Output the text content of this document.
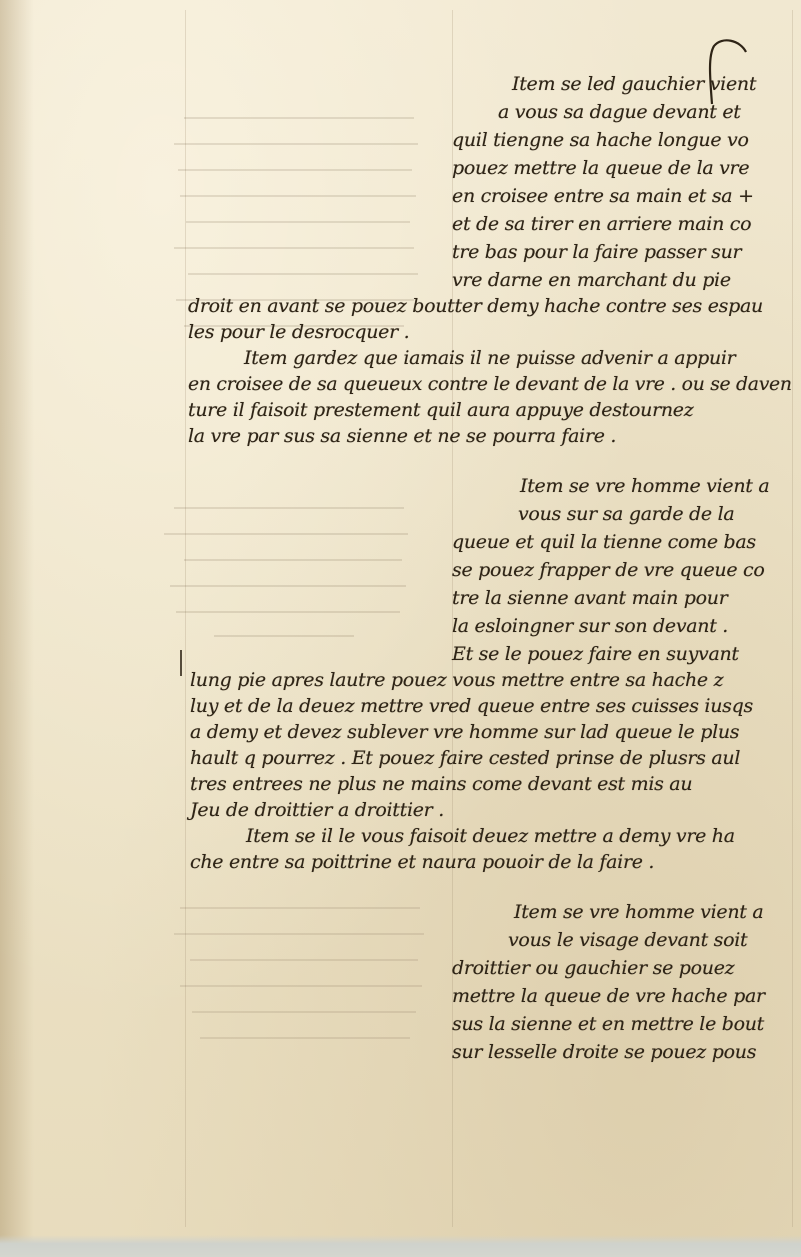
Item se led gauchier vient
a vous sa dague devant et
quil tiengne sa hache longue vo
pouez mettre la queue de la vre
en croisee entre sa main et sa +
et de sa tirer en arriere main co
tre bas pour la faire passer sur
vre darne en marchant du pie
droit en avant se pouez boutter demy hache contre ses espau
les pour le desrocquer .
Item gardez que iamais il ne puisse advenir a appuir
en croisee de sa queueux contre le devant de la vre . ou se daven
ture il faisoit prestement quil aura appuye destournez
la vre par sus sa sienne et ne se pourra faire .
Item se vre homme vient a
vous sur sa garde de la
queue et quil la tienne come bas
se pouez frapper de vre queue co
tre la sienne avant main pour
la esloingner sur son devant .
Et se le pouez faire en suyvant
lung pie apres lautre pouez vous mettre entre sa hache z
luy et de la deuez mettre vred queue entre ses cuisses iusqs
a demy et devez sublever vre homme sur lad queue le plus
hault q pourrez . Et pouez faire cested prinse de plusrs aul
tres entrees ne plus ne mains come devant est mis au
Jeu de droittier a droittier .
Item se il le vous faisoit deuez mettre a demy vre ha
che entre sa poittrine et naura pouoir de la faire .
Item se vre homme vient a
vous le visage devant soit
droittier ou gauchier se pouez
mettre la queue de vre hache par
sus la sienne et en mettre le bout
sur lesselle droite se pouez pous
